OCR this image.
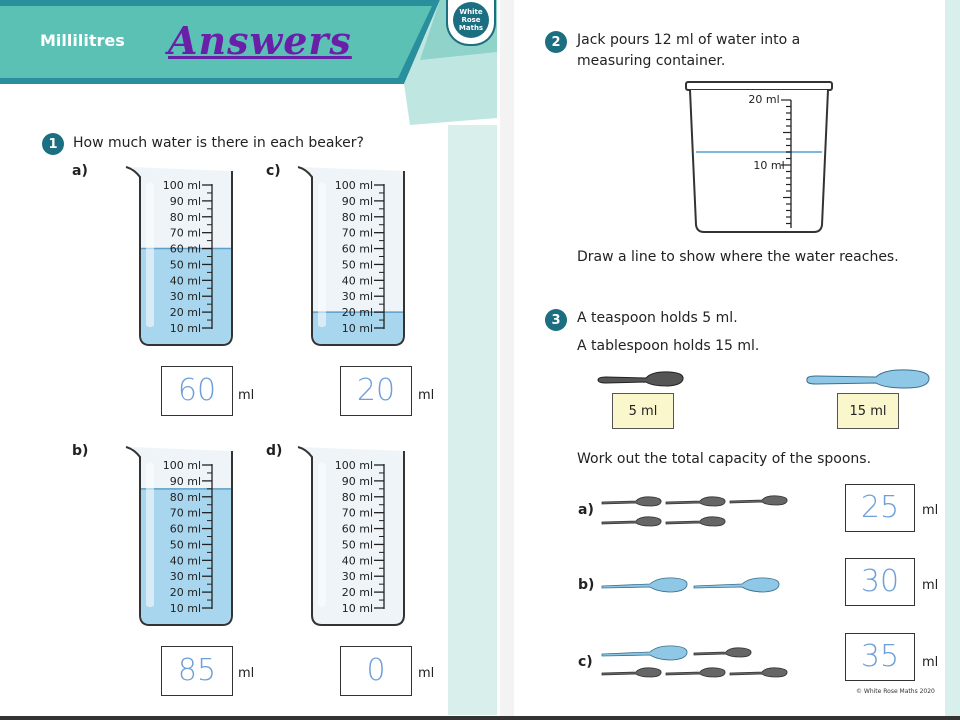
Millilitres Answers
White
Rose
Maths
1	How much water is there in each beaker?
a)	c)
b)	d)
100 ml
90 ml
80 ml
70 ml
60 ml
50 ml
40 ml
30 ml
20 ml
10 ml
100 ml
90 ml
80 ml
70 ml
60 ml
50 ml
40 ml
30 ml
20 ml
10 ml
100 ml
90 ml
80 ml
70 ml
60 ml
50 ml
40 ml
30 ml
20 ml
10 ml
100 ml
90 ml
80 ml
70 ml
60 ml
50 ml
40 ml
30 ml
20 ml
10 ml
60	ml	20	ml
85	ml	0	ml
2	Jack pours 12 ml of water into a
measuring container.
20 ml
10 ml
Draw a line to show where the water reaches.
3	A teaspoon holds 5 ml.
A tablespoon holds 15 ml.
5 ml	15 ml
Work out the total capacity of the spoons.
a)	25	ml
b)	30	ml
c)	35	ml
© White Rose Maths 2020
